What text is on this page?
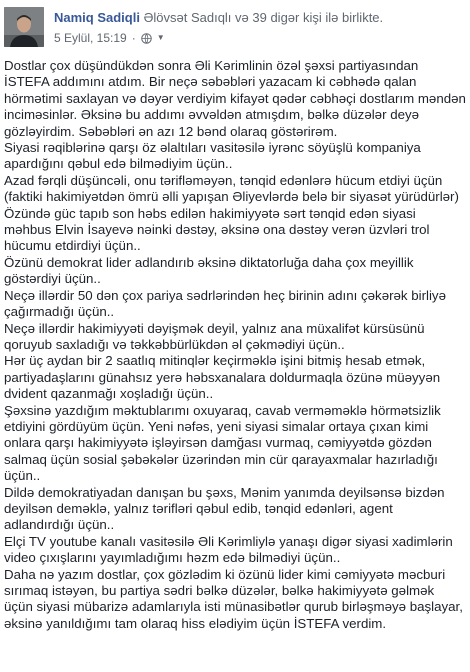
Namiq Sadiqli Əlövsət Sadıqlı və 39 digər kişi ilə birlikte.
5 Eylül, 15:19 ·	▼

Dostlar çox düşündükdən sonra Əli Kərimlinin özəl şəxsi partiyasından İSTEFA addımını atdım. Bir neçə səbəbləri yazacam ki cəbhədə qalan hörmətimi saxlayan və dəyər verdiyim kifayət qədər cəbhəçi dostlarım məndən inciməsinlər. Əksinə bu addımı əvvəldən atmışdım, bəlkə düzələr deyə gözləyirdim. Səbəbləri ən azı 12 bənd olaraq göstərirəm.

Siyasi rəqiblərinə qarşı öz əlaltıları vasitəsilə iyrənc söyüşlü kompaniya apardığını qəbul edə bilmədiyim üçün..

Azad fərqli düşüncəli, onu tərifləməyən, tənqid edənlərə hücum etdiyi üçün (faktiki hakimiyətdən ömrü əlli yapışan Əliyevlərdə belə bir siyasət yürüdürlər)

Özündə güc tapıb son həbs edilən hakimiyyətə sərt tənqid edən siyasi məhbus Elvin İsayevə nəinki dəstəy, əksinə ona dəstəy verən üzvləri trol hücumu etdirdiyi üçün..

Özünü demokrat lider adlandırıb əksinə diktatorluğa daha çox meyillik göstərdiyi üçün..

Neçə illərdir 50 dən çox pariya sədrlərindən heç birinin adını çəkərək birliyə çağırmadığı üçün..

Neçə illərdir hakimiyyəti dəyişmək deyil, yalnız ana müxalifət kürsüsünü qoruyub saxladığı və təkkəbbürlükdən əl çəkmədiyi üçün..

Hər üç aydan bir 2 saatlıq mitinqlər keçirməklə işini bitmiş hesab etmək, partiyadaşlarını günahsız yerə həbsxanalara doldurmaqla özünə müəyyən dvident qazanmağı xoşladığı üçün..

Şəxsinə yazdığım məktublarımı oxuyaraq, cavab verməməklə hörmətsizlik etdiyini gördüyüm üçün. Yeni nəfəs, yeni siyasi simalar ortaya çıxan kimi onlara qarşı hakimiyyətə işləyirsən damğası vurmaq, cəmiyyətdə gözdən salmaq üçün sosial şəbəkələr üzərindən min cür qarayaxmalar hazırladığı üçün..

Dildə demokratiyadan danışan bu şəxs, Mənim yanımda deyilsənsə bizdən deyilsən deməklə, yalnız tərifləri qəbul edib, tənqid edənləri, agent adlandırdığı üçün..

Elçi TV youtube kanalı vasitəsilə Əli Kərimliylə yanaşı digər siyasi xadimlərin video çıxışlarını yayımladığımı həzm edə bilmədiyi üçün..

Daha nə yazım dostlar, çox gözlədim ki özünü lider kimi cəmiyyətə məcburi sırımaq istəyən, bu partiya sədri bəlkə düzələr, bəlkə hakimiyyətə gəlmək üçün siyasi mübarizə adamlarıyla isti münasibətlər qurub birləşməyə başlayar, əksinə yanıldığımı tam olaraq hiss elədiyim üçün İSTEFA verdim.
